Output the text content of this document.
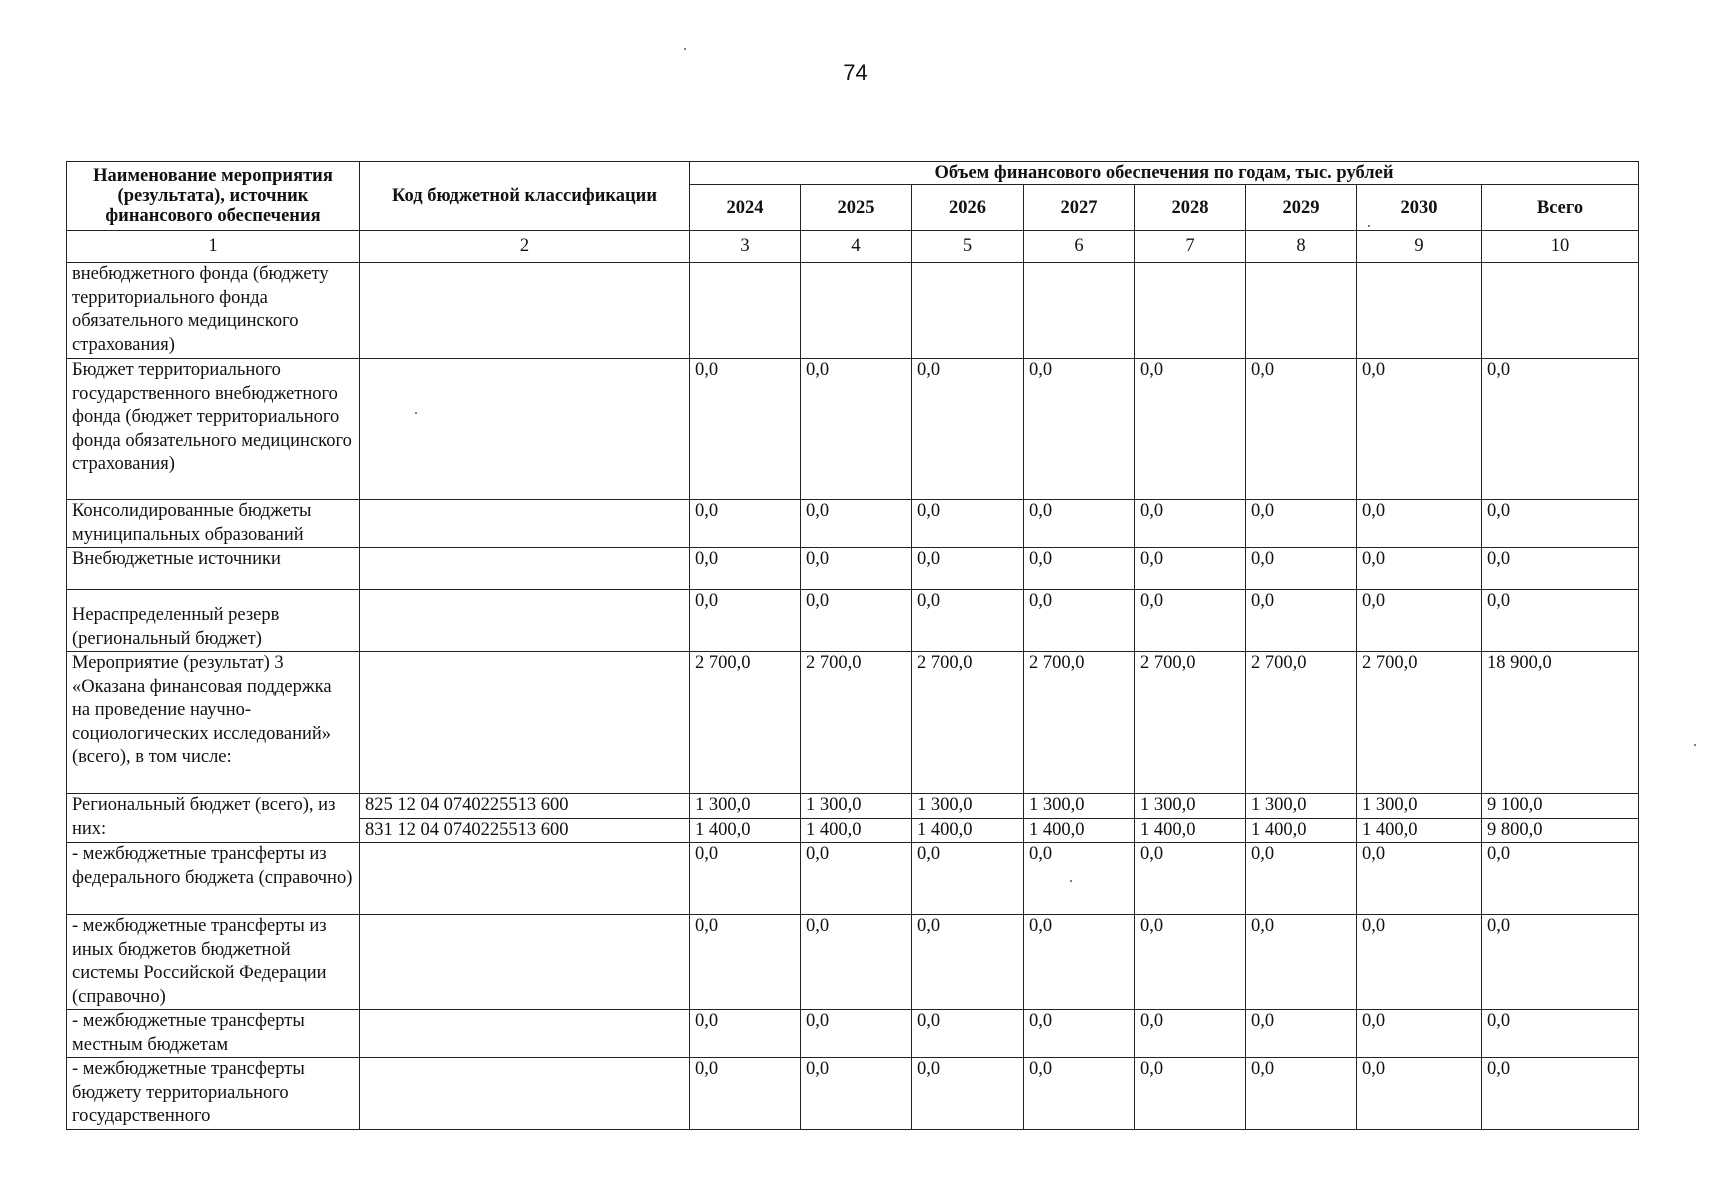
74
Наименование мероприятия (результата), источник финансового обеспечения	Код бюджетной классификации	Объем финансового обеспечения по годам, тыс. рублей							
		2024	2025	2026	2027	2028	2029	2030	Всего
1	2	3	4	5	6	7	8	9	10
внебюджетного фонда (бюджету территориального фонда обязательного медицинского страхования)									
Бюджет территориального государственного внебюджетного фонда (бюджет территориального фонда обязательного медицинского страхования)		0,0	0,0	0,0	0,0	0,0	0,0	0,0	0,0
Консолидированные бюджеты муниципальных образований		0,0	0,0	0,0	0,0	0,0	0,0	0,0	0,0
Внебюджетные источники		0,0	0,0	0,0	0,0	0,0	0,0	0,0	0,0
Нераспределенный резерв (региональный бюджет)		0,0	0,0	0,0	0,0	0,0	0,0	0,0	0,0
Мероприятие (результат) 3 «Оказана финансовая поддержка на проведение научно-социологических исследований» (всего), в том числе:		2 700,0	2 700,0	2 700,0	2 700,0	2 700,0	2 700,0	2 700,0	18 900,0
Региональный бюджет (всего), из них:	825 12 04 0740225513 600	1 300,0	1 300,0	1 300,0	1 300,0	1 300,0	1 300,0	1 300,0	9 100,0
	831 12 04 0740225513 600	1 400,0	1 400,0	1 400,0	1 400,0	1 400,0	1 400,0	1 400,0	9 800,0
- межбюджетные трансферты из федерального бюджета (справочно)		0,0	0,0	0,0	0,0	0,0	0,0	0,0	0,0
- межбюджетные трансферты из иных бюджетов бюджетной системы Российской Федерации (справочно)		0,0	0,0	0,0	0,0	0,0	0,0	0,0	0,0
- межбюджетные трансферты местным бюджетам		0,0	0,0	0,0	0,0	0,0	0,0	0,0	0,0
- межбюджетные трансферты бюджету территориального государственного		0,0	0,0	0,0	0,0	0,0	0,0	0,0	0,0
